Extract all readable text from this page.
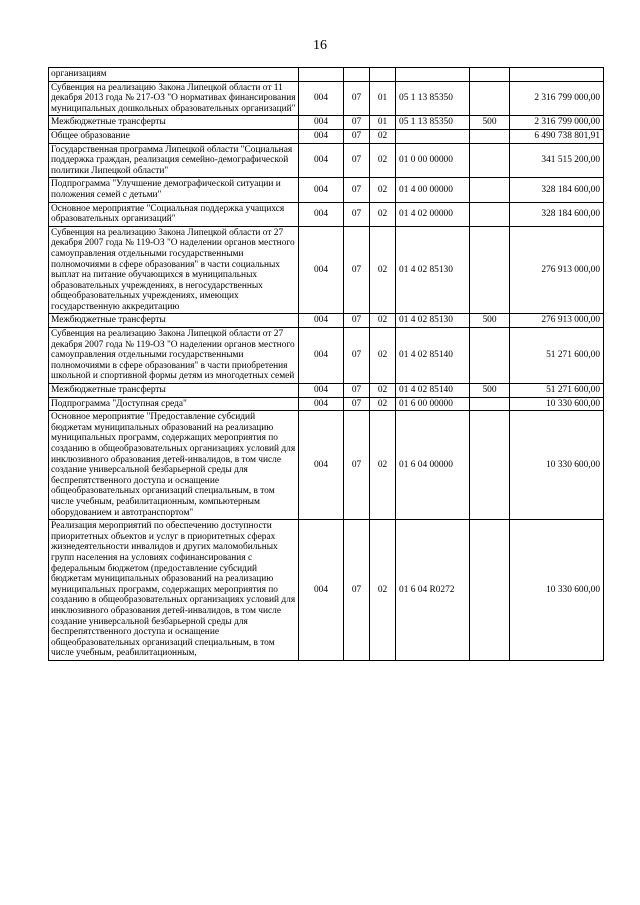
16
организациям						
Субвенция на реализацию Закона Липецкой области от 11 декабря 2013 года № 217-ОЗ "О нормативах финансирования муниципальных дошкольных образовательных организаций"	004	07	01	05 1 13 85350		2 316 799 000,00
Межбюджетные трансферты	004	07	01	05 1 13 85350	500	2 316 799 000,00
Общее образование	004	07	02			6 490 738 801,91
Государственная программа Липецкой области "Социальная поддержка граждан, реализация семейно-демографической политики Липецкой области"	004	07	02	01 0 00 00000		341 515 200,00
Подпрограмма "Улучшение демографической ситуации и положения семей с детьми"	004	07	02	01 4 00 00000		328 184 600,00
Основное мероприятие "Социальная поддержка учащихся образовательных организаций"	004	07	02	01 4 02 00000		328 184 600,00
Субвенция на реализацию Закона Липецкой области от 27 декабря 2007 года № 119-ОЗ "О наделении органов местного самоуправления отдельными государственными полномочиями в сфере образования" в части социальных выплат на питание обучающихся в муниципальных образовательных учреждениях, в негосударственных общеобразовательных учреждениях, имеющих государственную аккредитацию	004	07	02	01 4 02 85130		276 913 000,00
Межбюджетные трансферты	004	07	02	01 4 02 85130	500	276 913 000,00
Субвенция на реализацию Закона Липецкой области от 27 декабря 2007 года № 119-ОЗ "О наделении органов местного самоуправления отдельными государственными полномочиями в сфере образования" в части приобретения школьной и спортивной формы детям из многодетных семей	004	07	02	01 4 02 85140		51 271 600,00
Межбюджетные трансферты	004	07	02	01 4 02 85140	500	51 271 600,00
Подпрограмма "Доступная среда"	004	07	02	01 6 00 00000		10 330 600,00
Основное мероприятие "Предоставление субсидий бюджетам муниципальных образований на реализацию муниципальных программ, содержащих мероприятия по созданию в общеобразовательных организациях условий для инклюзивного образования детей-инвалидов, в том числе создание универсальной безбарьерной среды для беспрепятственного доступа и оснащение общеобразовательных организаций специальным, в том числе учебным, реабилитационным, компьютерным оборудованием и автотранспортом"	004	07	02	01 6 04 00000		10 330 600,00
Реализация мероприятий по обеспечению доступности приоритетных объектов и услуг в приоритетных сферах жизнедеятельности инвалидов и других маломобильных групп населения на условиях софинансирования с федеральным бюджетом (предоставление субсидий бюджетам муниципальных образований на реализацию муниципальных программ, содержащих мероприятия по созданию в общеобразовательных организациях условий для инклюзивного образования детей-инвалидов, в том числе создание универсальной безбарьерной среды для беспрепятственного доступа и оснащение общеобразовательных организаций специальным, в том числе учебным, реабилитационным,	004	07	02	01 6 04 R0272		10 330 600,00
